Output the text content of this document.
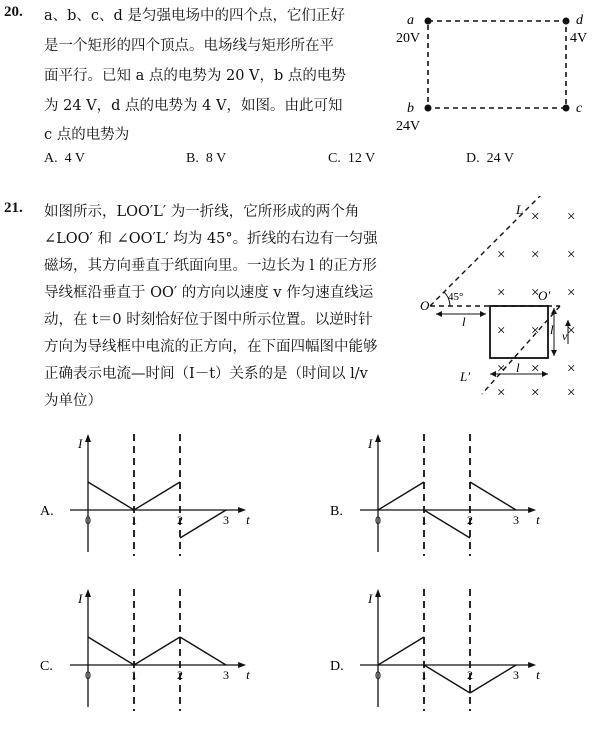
20. a、b、c、d 是匀强电场中的四个点，它们正好
是一个矩形的四个顶点。电场线与矩形所在平
面平行。已知 a 点的电势为 20 V，b 点的电势
为 24 V，d 点的电势为 4 V，如图。由此可知
c 点的电势为
A. 4 V	B. 8 V	C. 12 V	D. 24 V
a
20V
d
4V
b
24V
c
21. 如图所示，LOO′L′ 为一折线，它所形成的两个角
∠LOO′ 和 ∠OO′L′ 均为 45°。折线的右边有一匀强
磁场，其方向垂直于纸面向里。一边长为 l 的正方形
导线框沿垂直于 OO′ 的方向以速度 v 作匀速直线运
动，在 t＝0 时刻恰好位于图中所示位置。以逆时针
方向为导线框中电流的正方向，在下面四幅图中能够
正确表示电流—时间（I－t）关系的是（时间以 l/v
为单位）
45°
L
O
O′
L′
l
l v
l
× ×
× × ×
× × ×
× × ×
× × ×
× × ×
A.
I
t
0	1	2	3
B.
I
t
0	1	2	3
C.
I
t
0	1	2	3
D.
I
t
0	1	2	3
